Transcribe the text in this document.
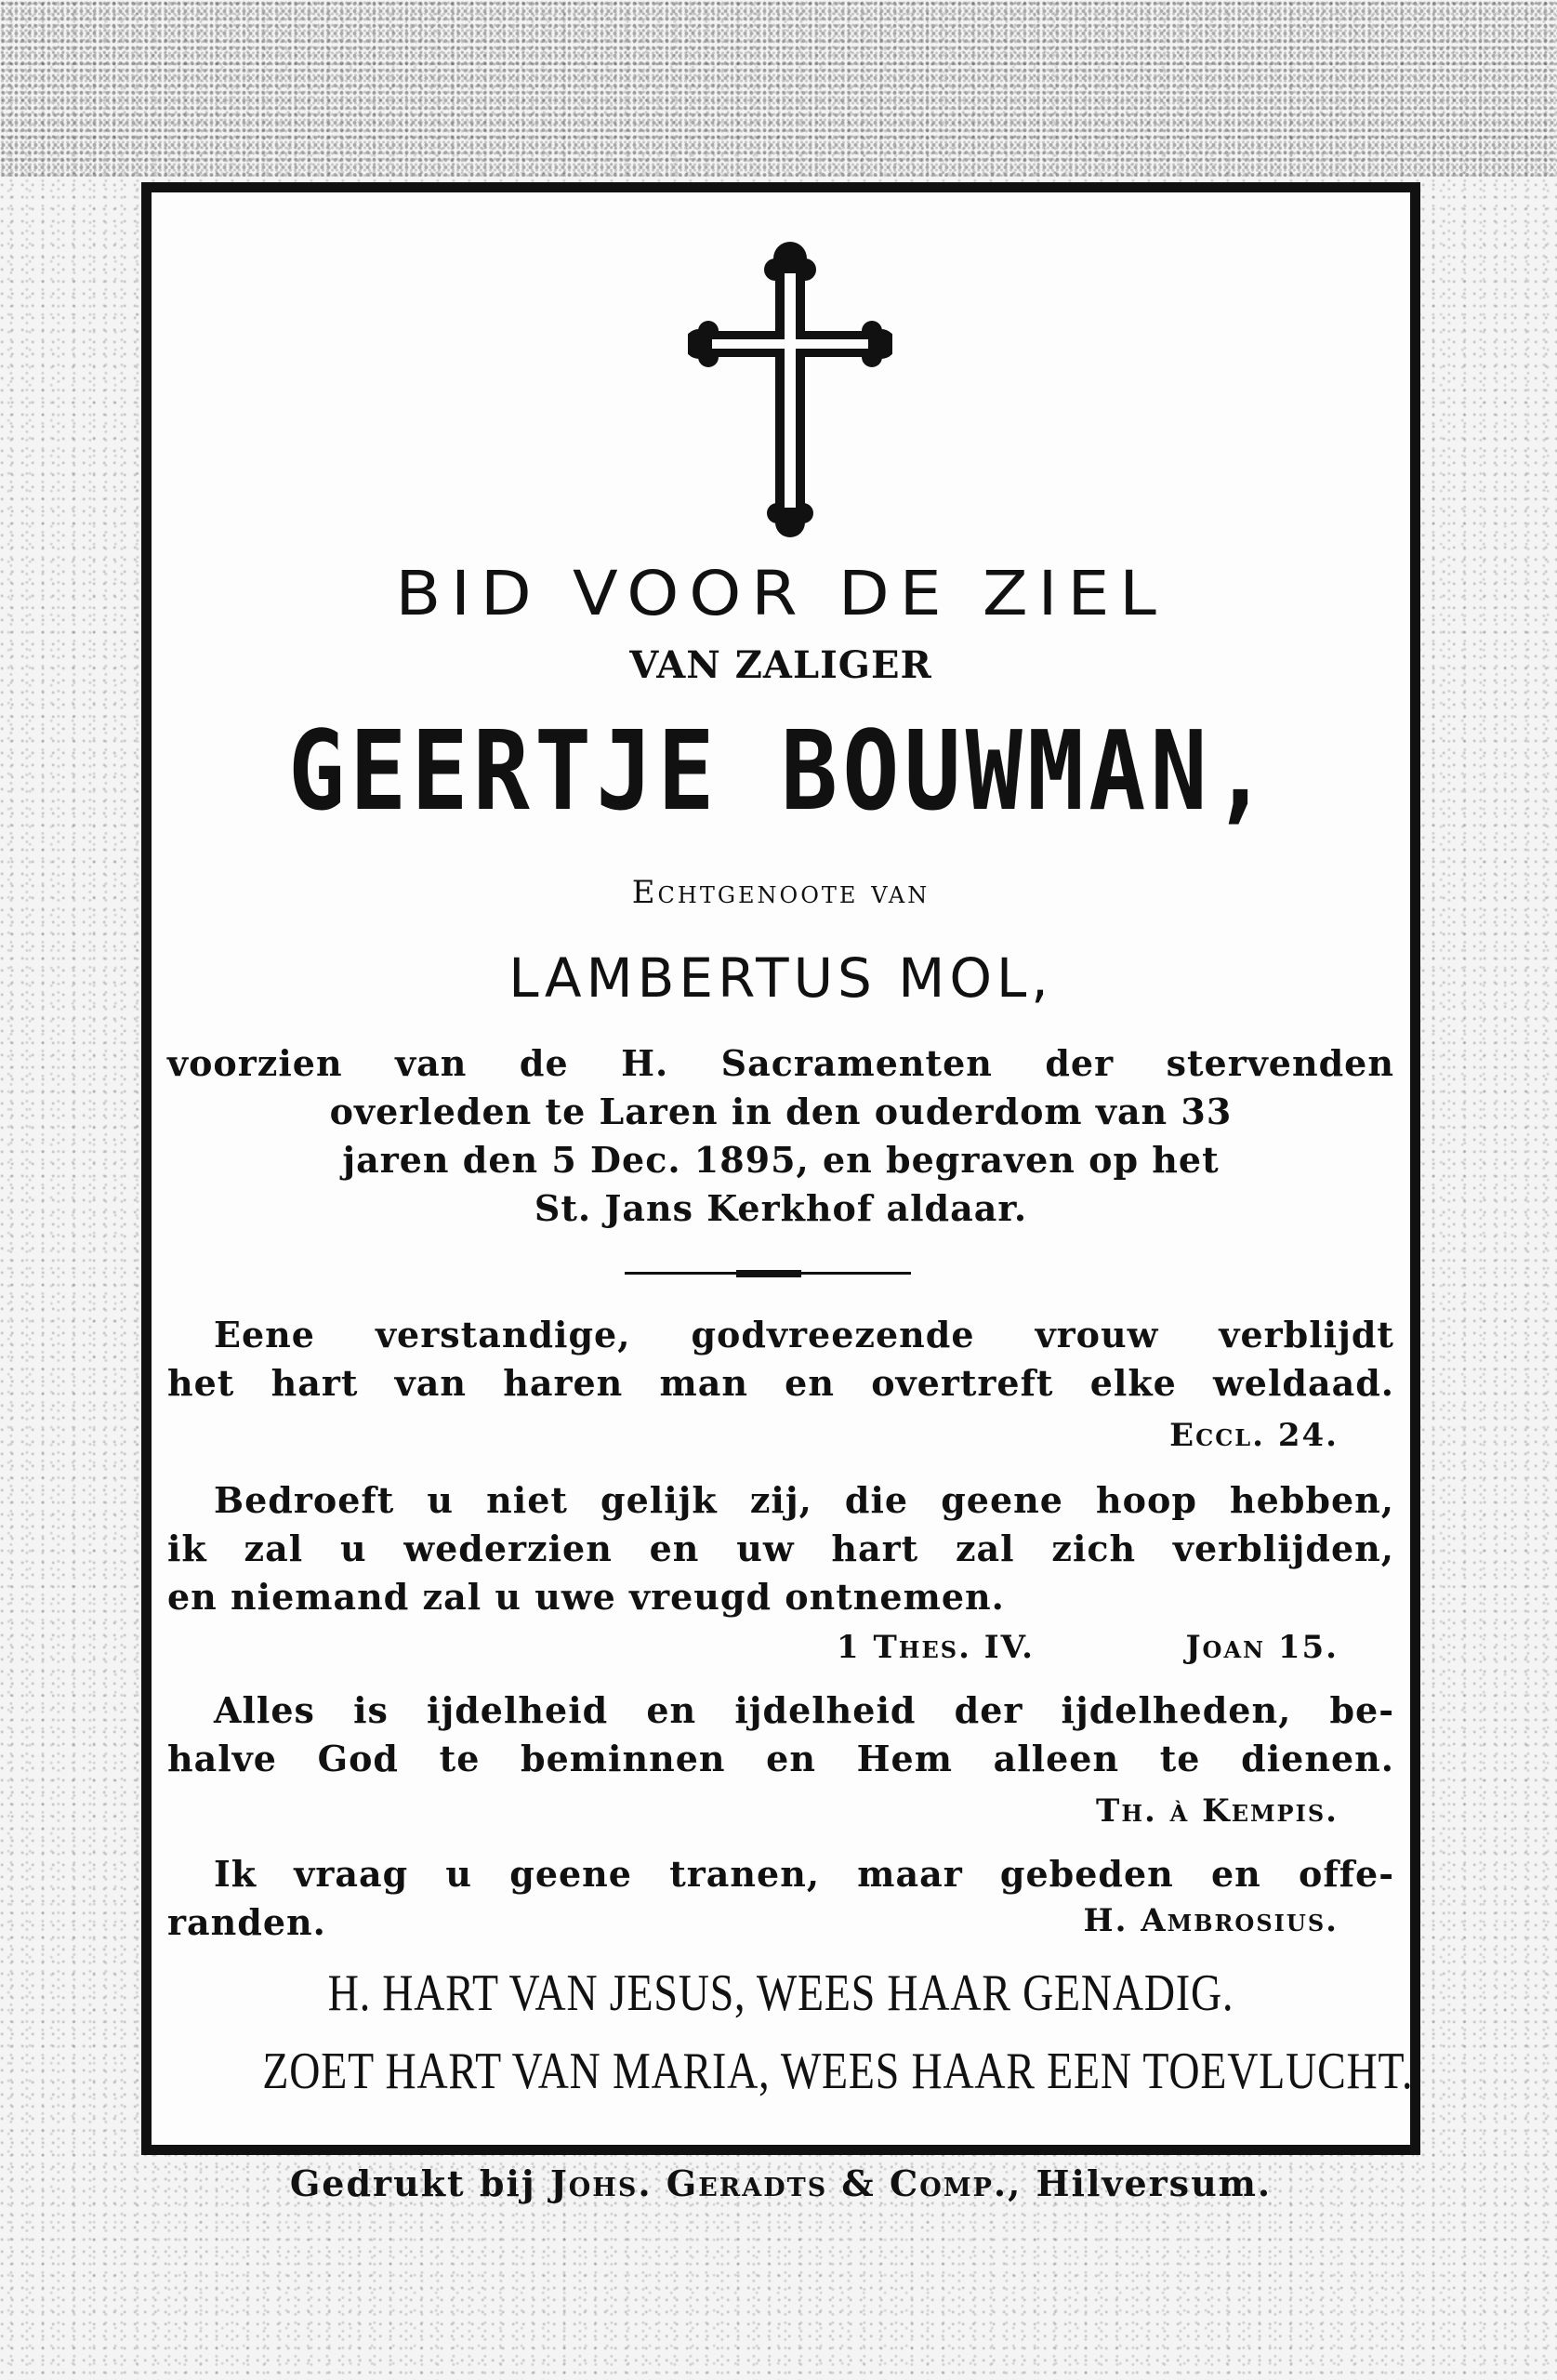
BID VOOR DE ZIEL
VAN ZALIGER
GEERTJE BOUWMAN,
Echtgenoote van
LAMBERTUS MOL,
voorzien van de H. Sacramenten der stervenden
overleden te Laren in den ouderdom van 33
jaren den 5 Dec. 1895, en begraven op het
St. Jans Kerkhof aldaar.
Eene verstandige, godvreezende vrouw verblijdt
het hart van haren man en overtreft elke weldaad.
Eccl. 24.
Bedroeft u niet gelijk zij, die geene hoop hebben,
ik zal u wederzien en uw hart zal zich verblijden,
en niemand zal u uwe vreugd ontnemen.
1 Thes. IV.	Joan 15.
Alles is ijdelheid en ijdelheid der ijdelheden, be-
halve God te beminnen en Hem alleen te dienen.
Th. à Kempis.
Ik vraag u geene tranen, maar gebeden en offe-
randen.	H. Ambrosius.
H. HART VAN JESUS, WEES HAAR GENADIG.
ZOET HART VAN MARIA, WEES HAAR EEN TOEVLUCHT.
Gedrukt bij Johs. Geradts & Comp., Hilversum.
